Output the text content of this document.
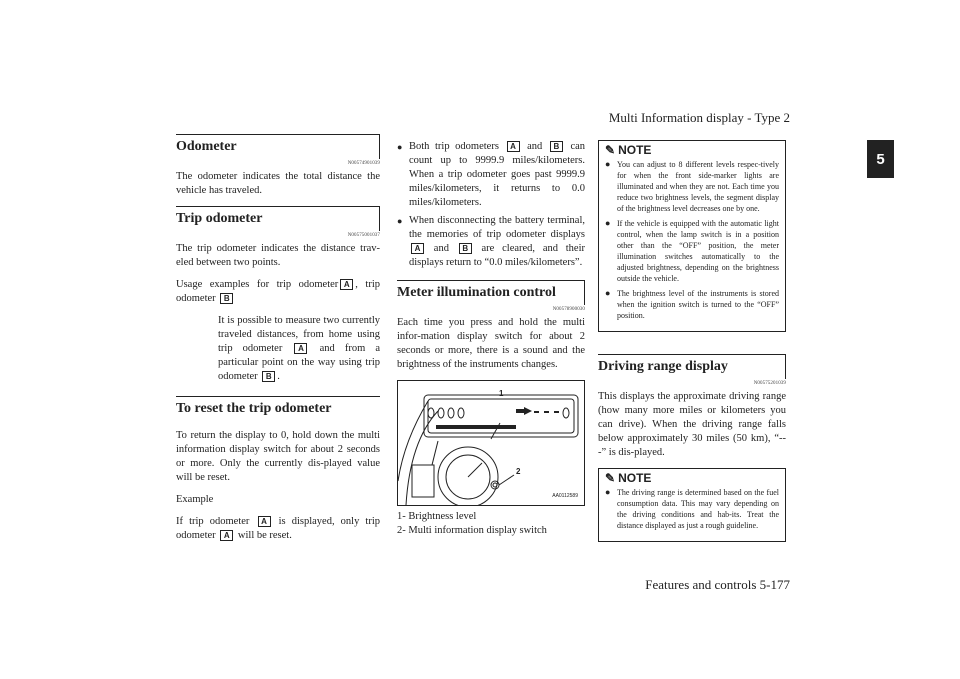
Multi Information display - Type 2
5
Odometer
N00574901039

The odometer indicates the total distance the vehicle has traveled.

Trip odometer
N00575001037

The trip odometer indicates the distance trav-eled between two points.

Usage examples for trip odometer A , trip odometer B

It is possible to measure two currently traveled distances, from home using trip odometer A and from a particular point on the way using trip odometer B .

To reset the trip odometer

To return the display to 0, hold down the multi information display switch for about 2 seconds or more. Only the currently dis-played value will be reset.

Example

If trip odometer A is displayed, only trip odometer A will be reset.

● Both trip odometers A and B can count up to 9999.9 miles/kilometers. When a trip odometer goes past 9999.9 miles/kilometers, it returns to 0.0 miles/kilometers.
● When disconnecting the battery terminal, the memories of trip odometer displays A and B are cleared, and their displays return to “0.0 miles/kilometers”.
Meter illumination control
N00578900030

Each time you press and hold the multi infor-mation display switch for about 2 seconds or more, there is a sound and the brightness of the instruments changes.

1
2
AA0112589
1- Brightness level
2- Multi information display switch
✎ NOTE
● You can adjust to 8 different levels respec-tively for when the front side-marker lights are illuminated and when they are not. Each time you reduce two brightness levels, the segment display of the brightness level decreases one by one.
● If the vehicle is equipped with the automatic light control, when the lamp switch is in a position other than the “OFF” position, the meter illumination switches automatically to the adjusted brightness, depending on the brightness outside the vehicle.
● The brightness level of the instruments is stored when the ignition switch is turned to the “OFF” position.
Driving range display
N00575201039

This displays the approximate driving range (how many more miles or kilometers you can drive). When the driving range falls below approximately 30 miles (50 km), “---” is dis-played.

✎ NOTE
● The driving range is determined based on the fuel consumption data. This may vary depending on the driving conditions and hab-its. Treat the distance displayed as just a rough guideline.
Features and controls 5-177
